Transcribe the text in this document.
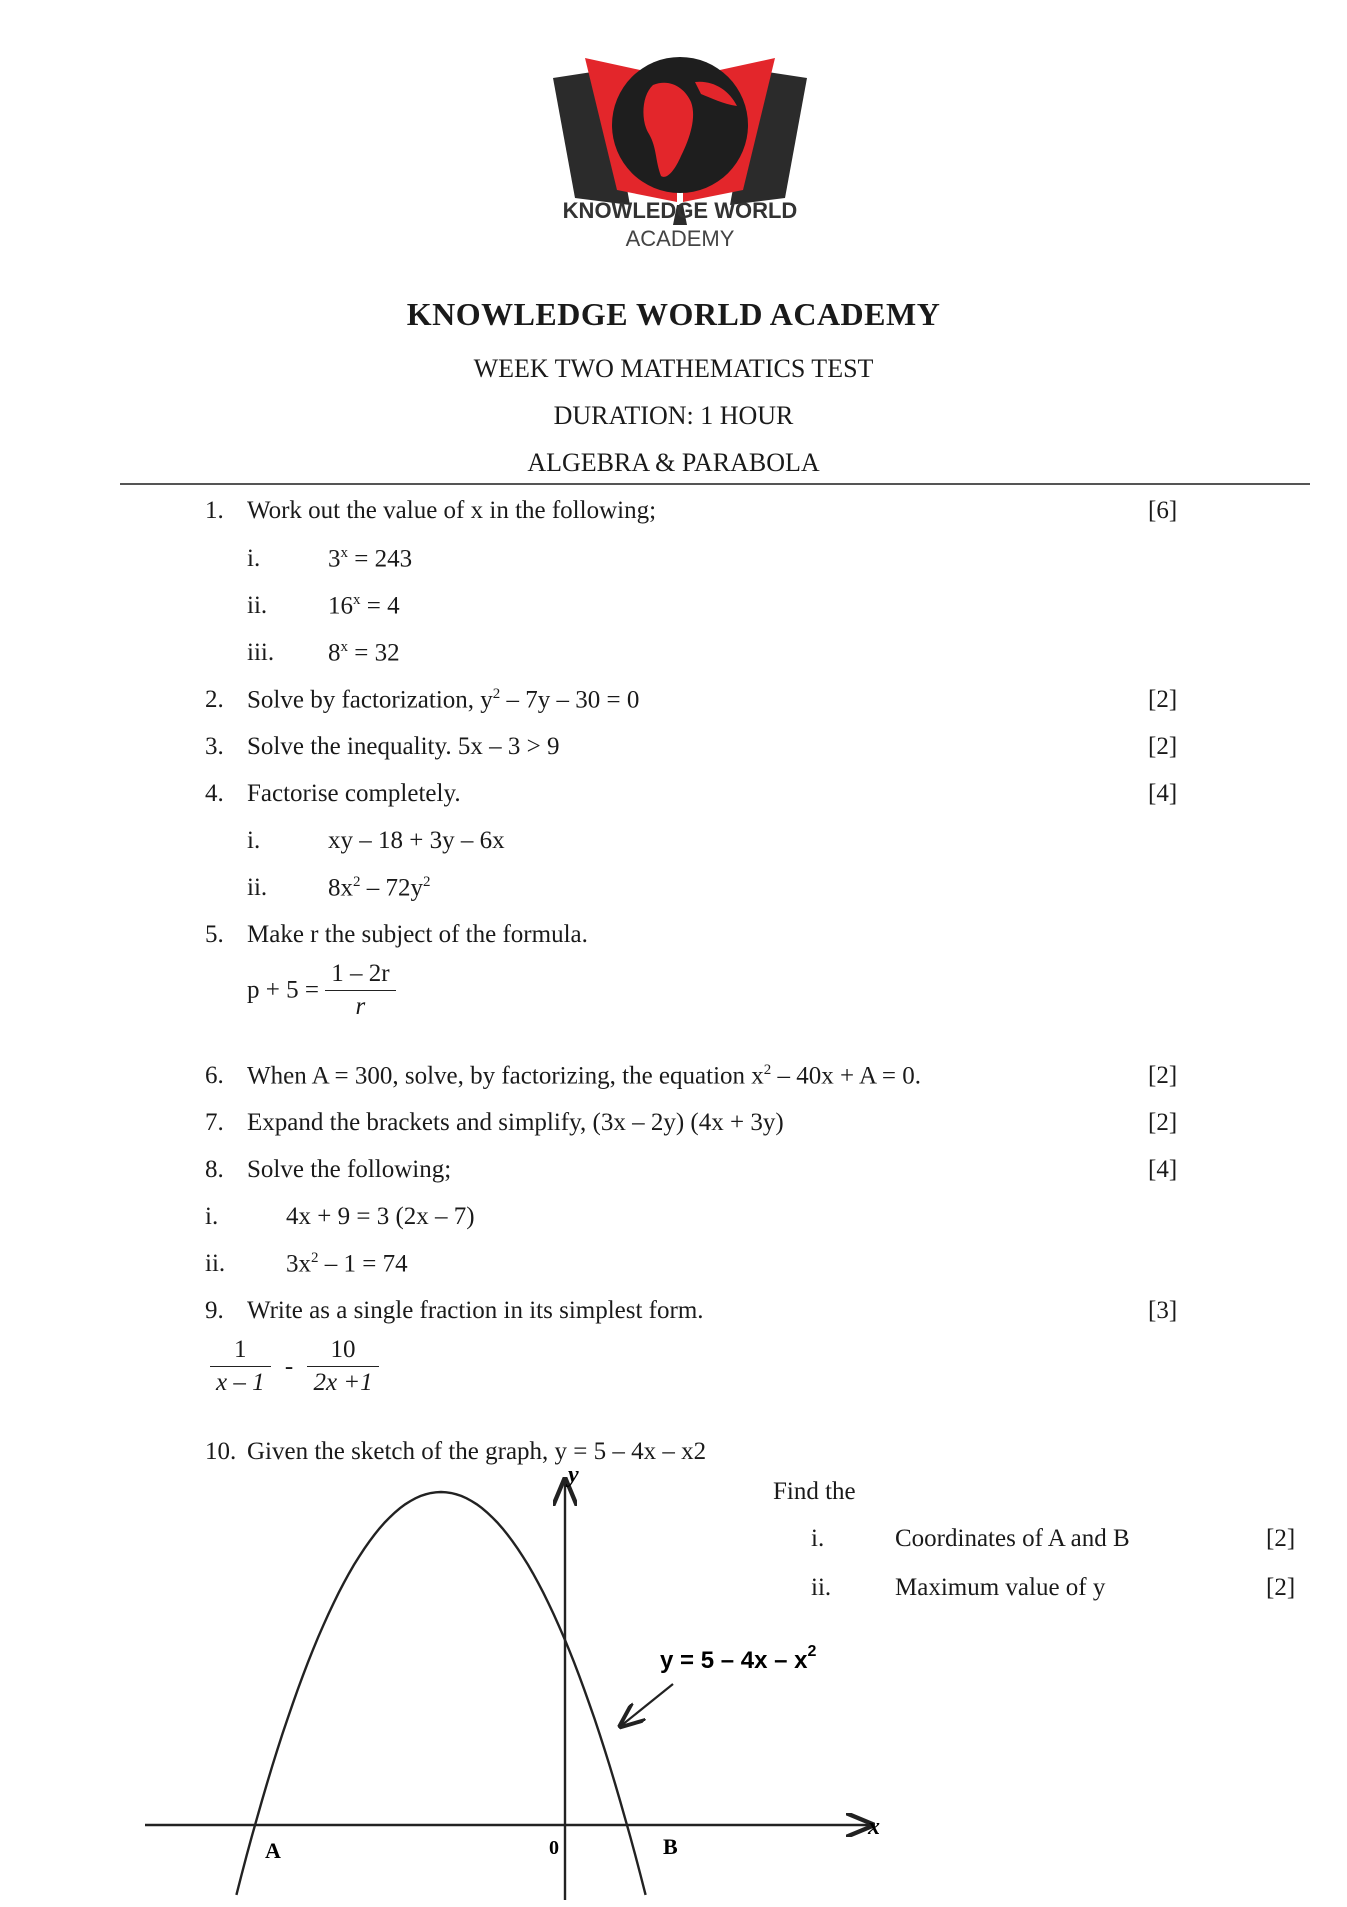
KNOWLEDGE WORLD
ACADEMY
KNOWLEDGE WORLD ACADEMY
WEEK TWO MATHEMATICS TEST
DURATION: 1 HOUR
ALGEBRA & PARABOLA
1. Work out the value of x in the following;	[6]
i.	$3^x = 243$
ii. $16^x = 4$
iii. $8^x = 32$
2. Solve by factorization, $y^2 - 7y - 30 = 0$	[2]
3. Solve the inequality. 5x – 3 > 9	[2]
4. Factorise completely.	[4]
i.	xy – 18 + 3y – 6x
ii. $8x^2 - 72y^2$
5. Make r the subject of the formula.
$p + 5 = \frac{1 - 2r}{r}$
6. When A = 300, solve, by factorizing, the equation $x^2 - 40x + A = 0$.	[2]
7. Expand the brackets and simplify, (3x – 2y) (4x + 3y)	[2]
8. Solve the following;	[4]
i.	4x + 9 = 3 (2x – 7)
ii. $3x^2 - 1 = 74$
9. Write as a single fraction in its simplest form.	[3]
$\frac{1}{x - 1} - \frac{10}{2x +1}$
10. Given the sketch of the graph, y = 5 – 4x – x2
Find the
i.	Coordinates of A and B	[2]
ii.	Maximum value of y	[2]
y
x
$y = 5 - 4x - x^2$
A	0	B
